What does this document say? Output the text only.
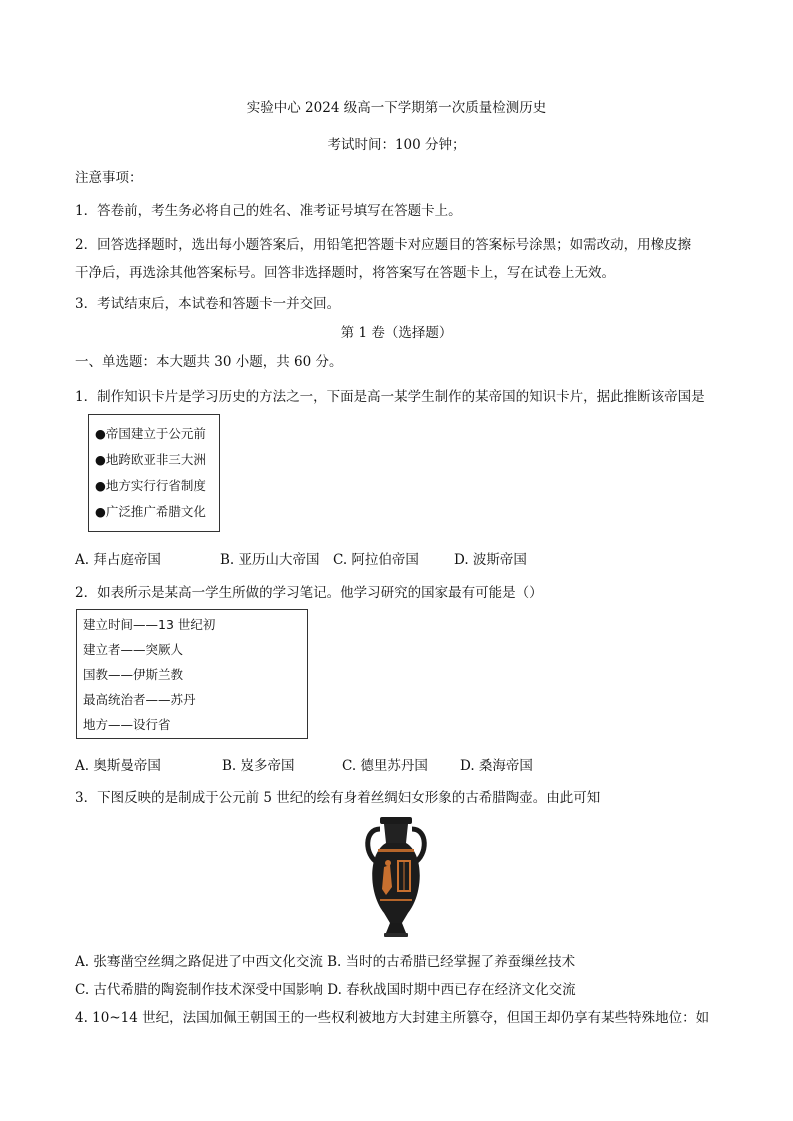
实验中心 2024 级高一下学期第一次质量检测历史
考试时间：100 分钟；
注意事项：
1．答卷前，考生务必将自己的姓名、准考证号填写在答题卡上。
2．回答选择题时，选出每小题答案后，用铅笔把答题卡对应题目的答案标号涂黑；如需改动，用橡皮擦
干净后，再选涂其他答案标号。回答非选择题时，将答案写在答题卡上，写在试卷上无效。
3．考试结束后，本试卷和答题卡一并交回。
第 1 卷（选择题）
一、单选题：本大题共 30 小题，共 60 分。
1．制作知识卡片是学习历史的方法之一，下面是高一某学生制作的某帝国的知识卡片，据此推断该帝国是
●帝国建立于公元前
●地跨欧亚非三大洲
●地方实行行省制度
●广泛推广希腊文化
A. 拜占庭帝国	B. 亚历山大帝国 C. 阿拉伯帝国	D. 波斯帝国
2．如表所示是某高一学生所做的学习笔记。他学习研究的国家最有可能是（）
建立时间——13 世纪初
建立者——突厥人
国教——伊斯兰教
最高统治者——苏丹
地方——设行省
A. 奥斯曼帝国	B. 岌多帝国	C. 德里苏丹国 D. 桑海帝国
3．下图反映的是制成于公元前 5 世纪的绘有身着丝绸妇女形象的古希腊陶壶。由此可知
A. 张骞凿空丝绸之路促进了中西文化交流 B. 当时的古希腊已经掌握了养蚕缫丝技术
C. 古代希腊的陶瓷制作技术深受中国影响 D. 春秋战国时期中西已存在经济文化交流
4. 10~14 世纪，法国加佩王朝国王的一些权利被地方大封建主所篡夺，但国王却仍享有某些特殊地位：如
